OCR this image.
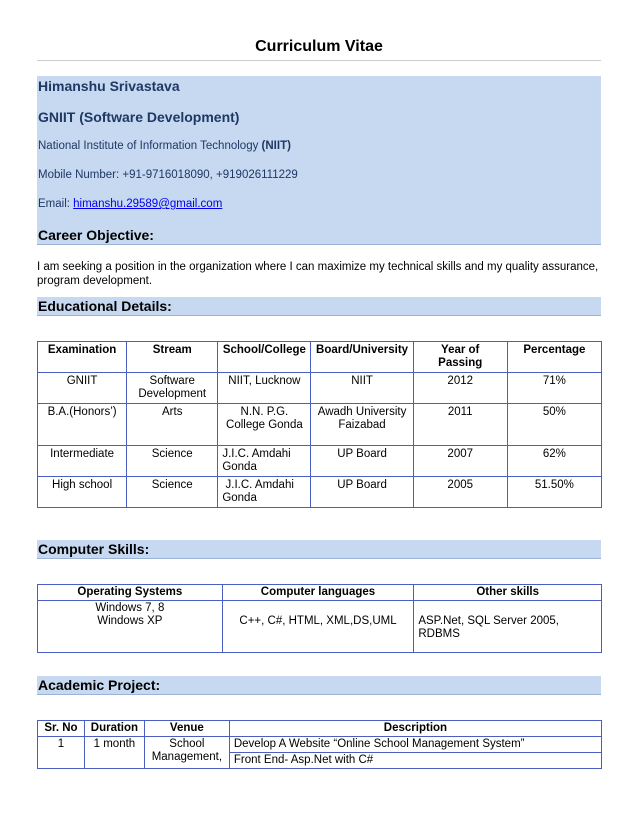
Curriculum Vitae
Himanshu Srivastava
GNIIT (Software Development)
National Institute of Information Technology (NIIT)
Mobile Number: +91-9716018090, +919026111229
Email: himanshu.29589@gmail.com
Career Objective:
I am seeking a position in the organization where I can maximize my technical skills and my quality assurance, program development.
Educational Details:
Examination	Stream	School/College	Board/University	Year of Passing	Percentage
GNIIT	Software Development	NIIT, Lucknow	NIIT	2012	71%
B.A.(Honors’)	Arts	N.N. P.G. College Gonda	Awadh University Faizabad	2011	50%
Intermediate	Science	J.I.C. Amdahi Gonda	UP Board	2007	62%
High school	Science	J.I.C. Amdahi Gonda	UP Board	2005	51.50%
Computer Skills:
Operating Systems	Computer languages	Other skills
Windows 7, 8
Windows XP	C++, C#, HTML, XML,DS,UML	ASP.Net, SQL Server 2005, RDBMS
Academic Project:
Sr. No	Duration	Venue	Description
1	1 month	School Management,	Develop A Website “Online School Management System”
			Front End- Asp.Net with C#
